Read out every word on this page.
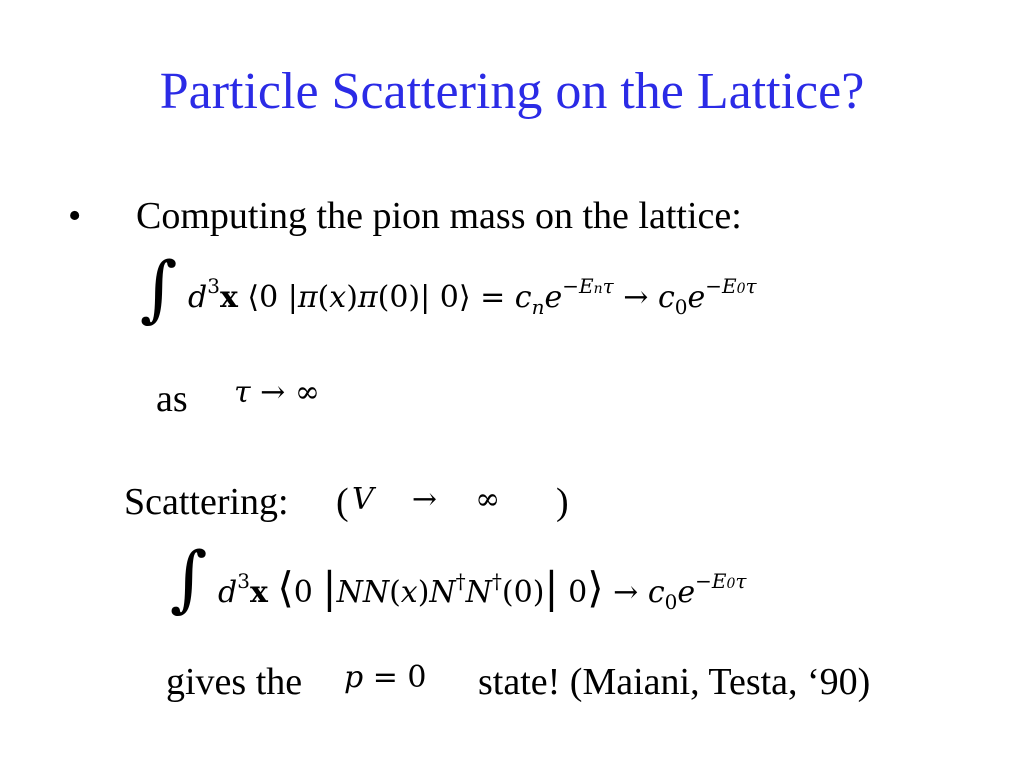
Particle Scattering on the Lattice?
• Computing the pion mass on the lattice:
∫ $d^3x$ ⟨0 |π(x)π(0)| 0⟩ = $c_ne^{-En\tau} \to c_0e^{-E0\tau}$
as τ → ∞
Scattering: ( V    →    ∞ )
∫ $d^3x$ ⟨0 |NN(x)N†N†(0)| 0⟩ → $c_0e^{-E0\tau}$
gives the p = 0 state! (Maiani, Testa, ‘90)
